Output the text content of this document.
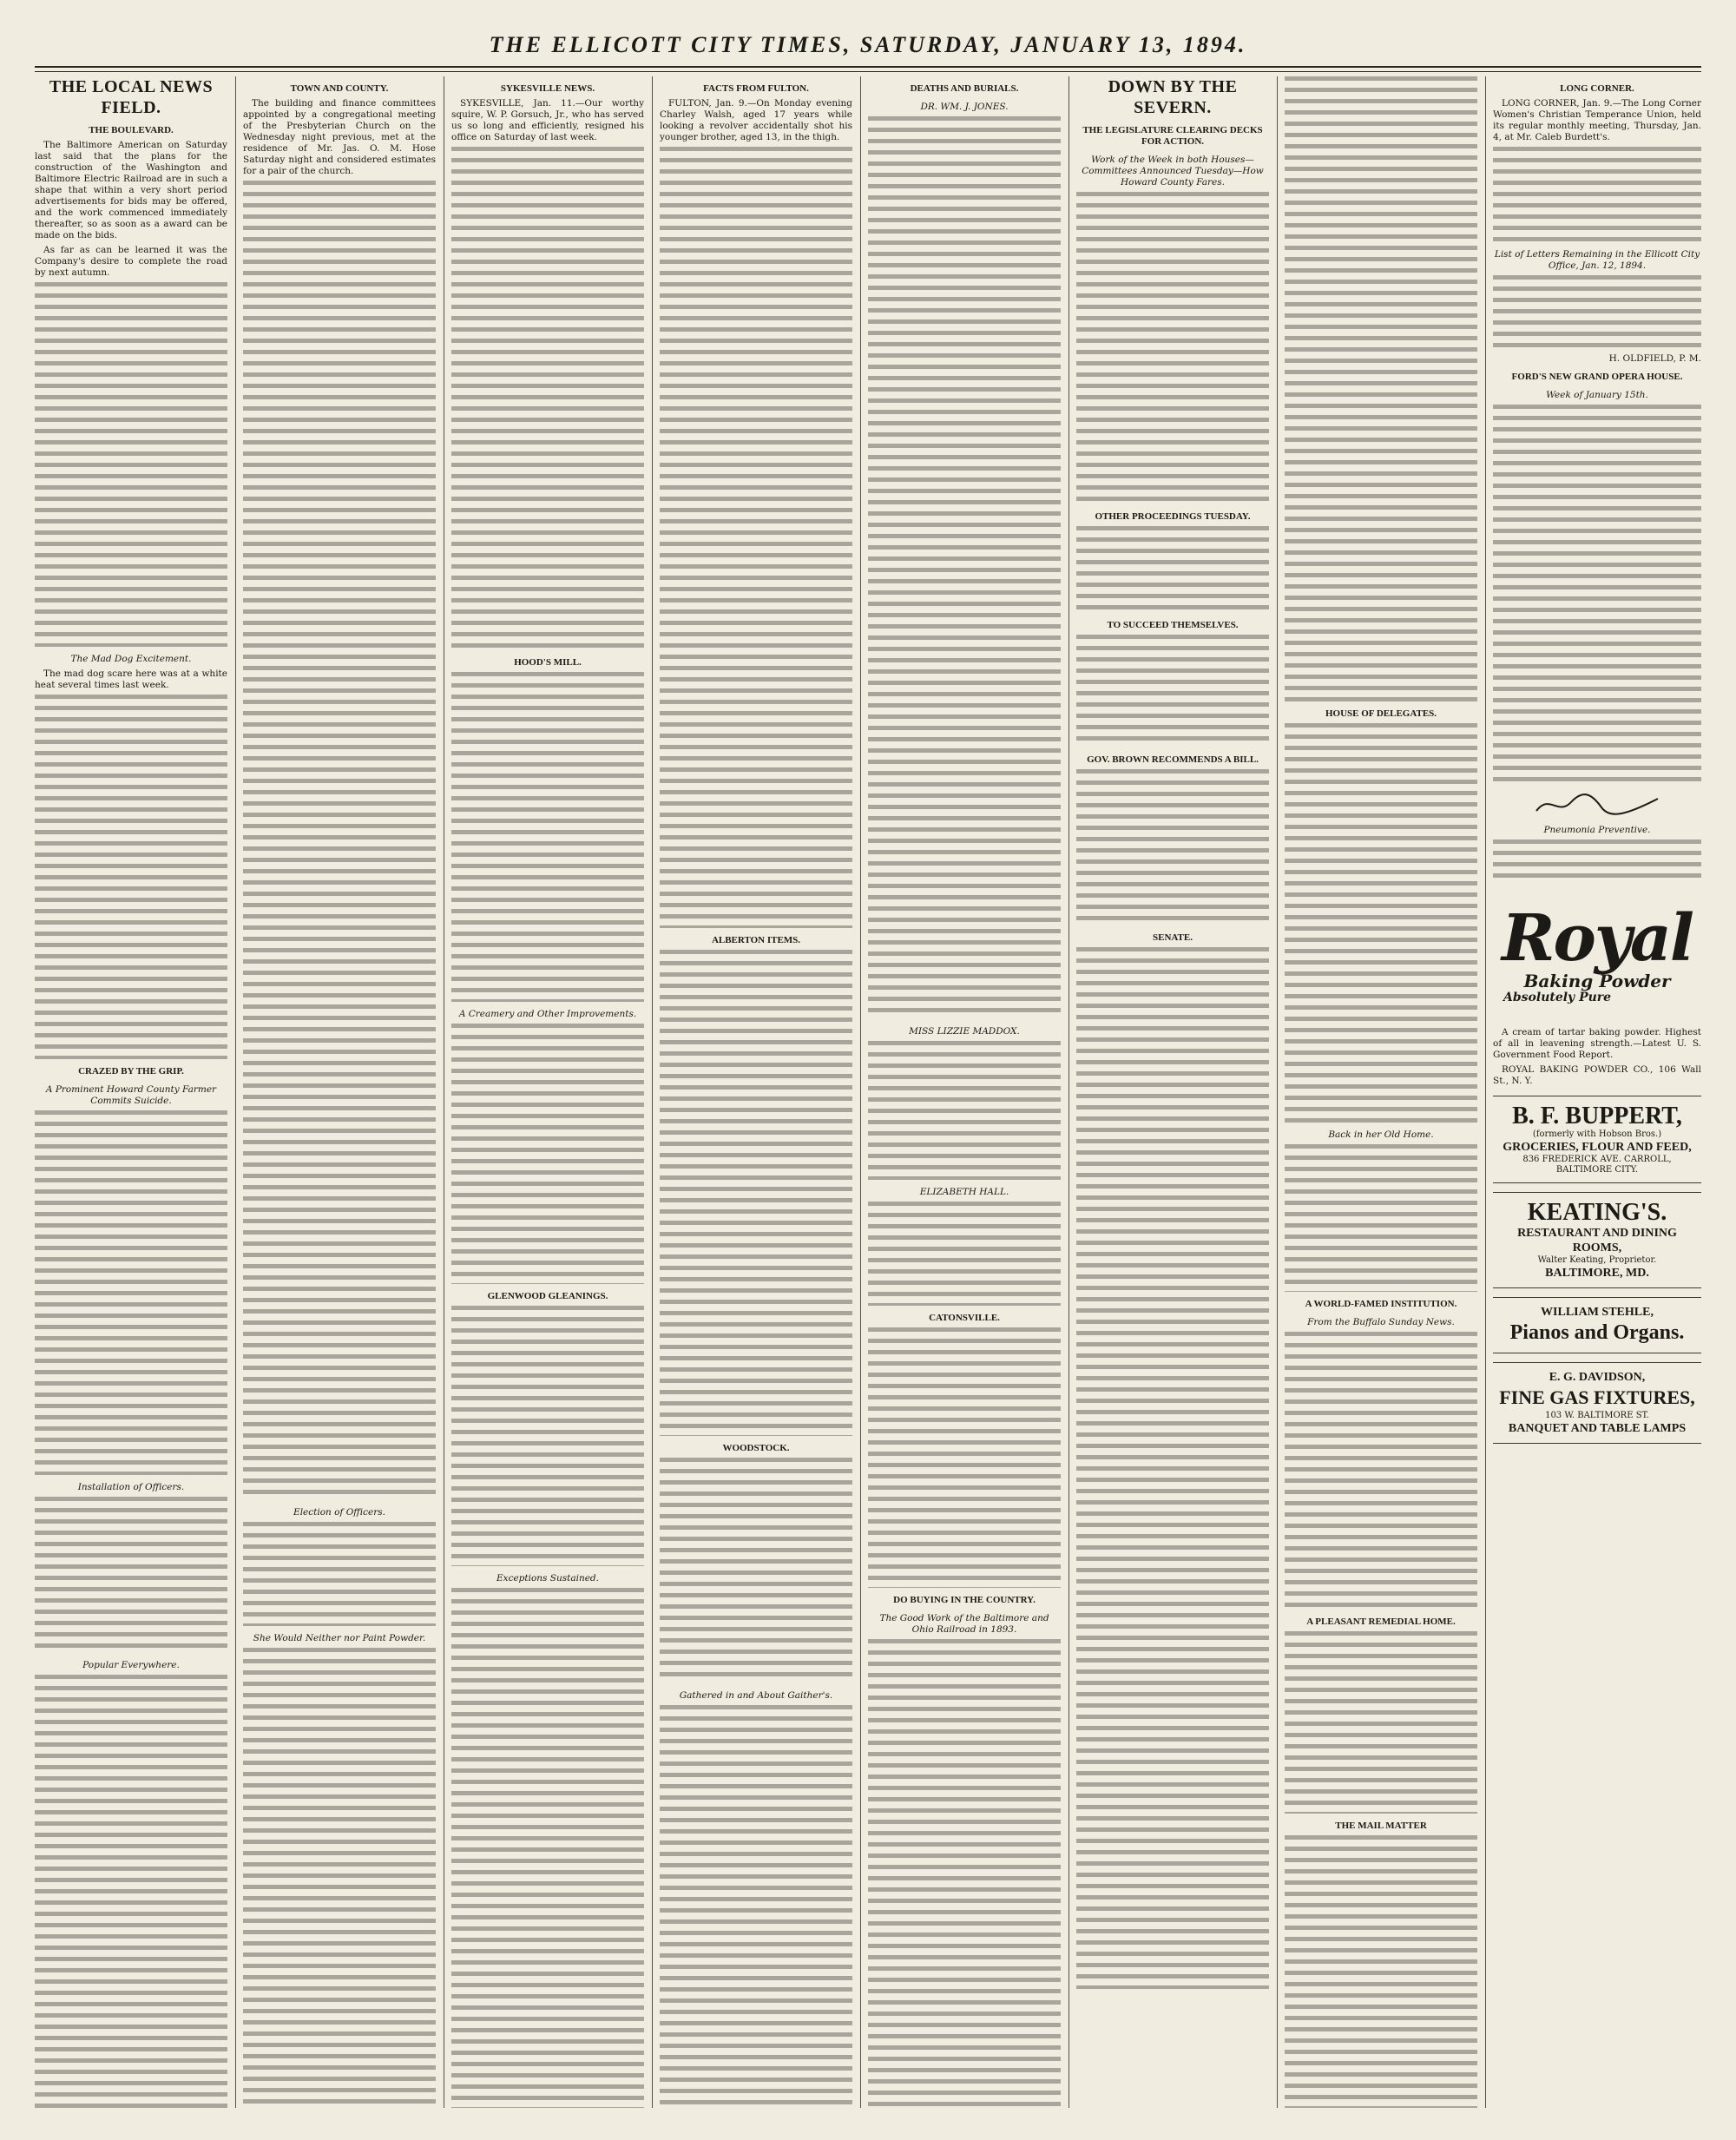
THE ELLICOTT CITY TIMES, SATURDAY, JANUARY 13, 1894.
THE LOCAL NEWS FIELD.
THE BOULEVARD.

The Baltimore American on Saturday last said that the plans for the construction of the Washington and Baltimore Electric Railroad are in such a shape that within a very short period advertisements for bids may be offered, and the work commenced immediately thereafter, so as soon as a award can be made on the bids.

As far as can be learned it was the Company's desire to complete the road by next autumn.

The Mad Dog Excitement.

The mad dog scare here was at a white heat several times last week.

CRAZED BY THE GRIP.
A Prominent Howard County Farmer Commits Suicide.
Installation of Officers.
Popular Everywhere.
TOWN AND COUNTY.

The building and finance committees appointed by a congregational meeting of the Presbyterian Church on the Wednesday night previous, met at the residence of Mr. Jas. O. M. Hose Saturday night and considered estimates for a pair of the church.

Election of Officers.
She Would Neither nor Paint Powder.
SYKESVILLE NEWS.

SYKESVILLE, Jan. 11.—Our worthy squire, W. P. Gorsuch, Jr., who has served us so long and efficiently, resigned his office on Saturday of last week.

HOOD'S MILL.
A Creamery and Other Improvements.
GLENWOOD GLEANINGS.
Exceptions Sustained.
FACTS FROM FULTON.

FULTON, Jan. 9.—On Monday evening Charley Walsh, aged 17 years while looking a revolver accidentally shot his younger brother, aged 13, in the thigh.

ALBERTON ITEMS.
WOODSTOCK.
Gathered in and About Gaither's.
DEATHS AND BURIALS.
DR. WM. J. JONES.
MISS LIZZIE MADDOX.
ELIZABETH HALL.
CATONSVILLE.
DO BUYING IN THE COUNTRY.
The Good Work of the Baltimore and Ohio Railroad in 1893.
DOWN BY THE SEVERN.
THE LEGISLATURE CLEARING DECKS FOR ACTION.
Work of the Week in both Houses—Committees Announced Tuesday—How Howard County Fares.
OTHER PROCEEDINGS TUESDAY.
TO SUCCEED THEMSELVES.
GOV. BROWN RECOMMENDS A BILL.
SENATE.
HOUSE OF DELEGATES.
Back in her Old Home.
A WORLD-FAMED INSTITUTION.
From the Buffalo Sunday News.
A PLEASANT REMEDIAL HOME.
THE MAIL MATTER
LONG CORNER.

LONG CORNER, Jan. 9.—The Long Corner Women's Christian Temperance Union, held its regular monthly meeting, Thursday, Jan. 4, at Mr. Caleb Burdett's.

List of Letters Remaining in the Ellicott City Office, Jan. 12, 1894.

H. OLDFIELD, P. M.

FORD'S NEW GRAND OPERA HOUSE.
Week of January 15th.
Pneumonia Preventive.
Royal
Baking Powder
Absolutely Pure

A cream of tartar baking powder. Highest of all in leavening strength.—Latest U. S. Government Food Report.

ROYAL BAKING POWDER CO., 106 Wall St., N. Y.

B. F. BUPPERT,
(formerly with Hobson Bros.)
GROCERIES, FLOUR AND FEED,
836 FREDERICK AVE. CARROLL, BALTIMORE CITY.
KEATING'S.
RESTAURANT AND DINING ROOMS,
Walter Keating, Proprietor.
BALTIMORE, MD.
WILLIAM STEHLE,
Pianos and Organs.
E. G. DAVIDSON,
FINE GAS FIXTURES,
103 W. BALTIMORE ST.
BANQUET AND TABLE LAMPS
